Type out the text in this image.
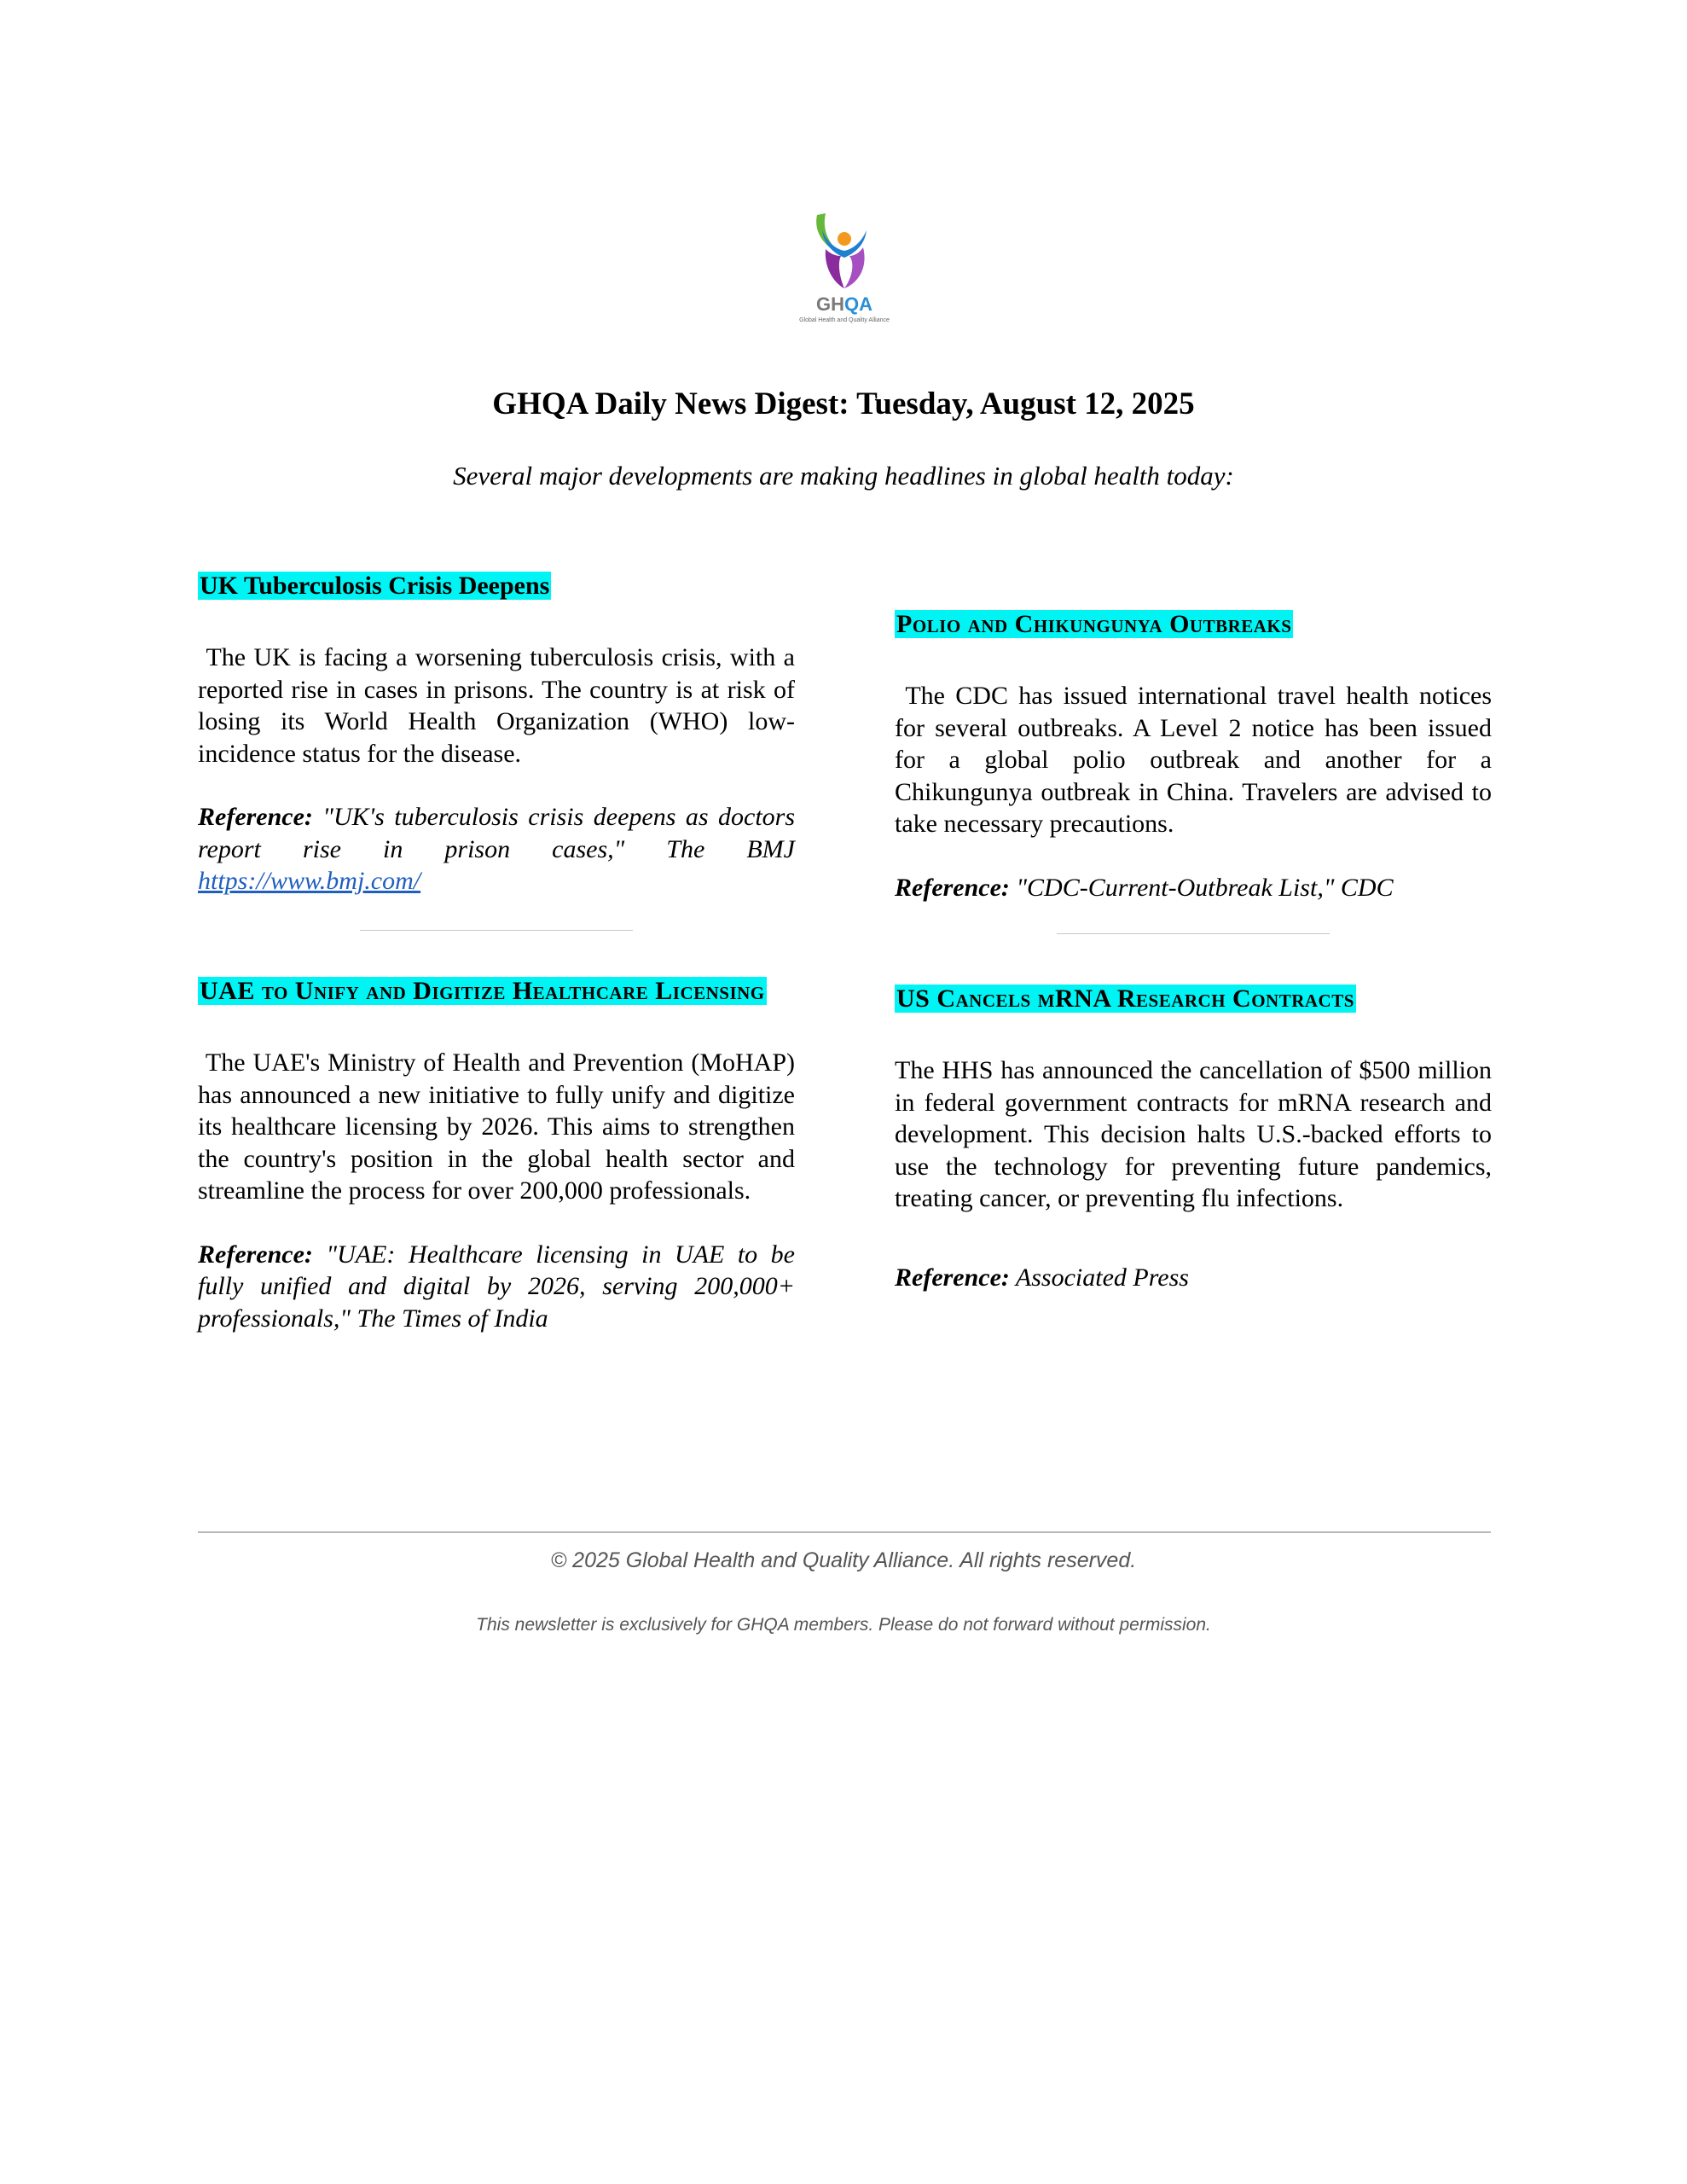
GHQA
Global Health and Quality Alliance
GHQA Daily News Digest: Tuesday, August 12, 2025
Several major developments are making headlines in global health today:

UK Tuberculosis Crisis Deepens

The UK is facing a worsening tuberculosis crisis, with a reported rise in cases in prisons. The country is at risk of losing its World Health Organization (WHO) low-incidence status for the disease.

Reference: "UK's tuberculosis crisis deepens as doctors report rise in prison cases," The BMJ https://www.bmj.com/

UAE to Unify and Digitize Healthcare Licensing

The UAE's Ministry of Health and Prevention (MoHAP) has announced a new initiative to fully unify and digitize its healthcare licensing by 2026. This aims to strengthen the country's position in the global health sector and streamline the process for over 200,000 professionals.

Reference: "UAE: Healthcare licensing in UAE to be fully unified and digital by 2026, serving 200,000+ professionals," The Times of India

Polio and Chikungunya Outbreaks

The CDC has issued international travel health notices for several outbreaks. A Level 2 notice has been issued for a global polio outbreak and another for a Chikungunya outbreak in China. Travelers are advised to take necessary precautions.

Reference: "CDC-Current-Outbreak List," CDC

US Cancels mRNA Research Contracts

The HHS has announced the cancellation of $500 million in federal government contracts for mRNA research and development. This decision halts U.S.-backed efforts to use the technology for preventing future pandemics, treating cancer, or preventing flu infections.

Reference: Associated Press

© 2025 Global Health and Quality Alliance. All rights reserved.
This newsletter is exclusively for GHQA members. Please do not forward without permission.
